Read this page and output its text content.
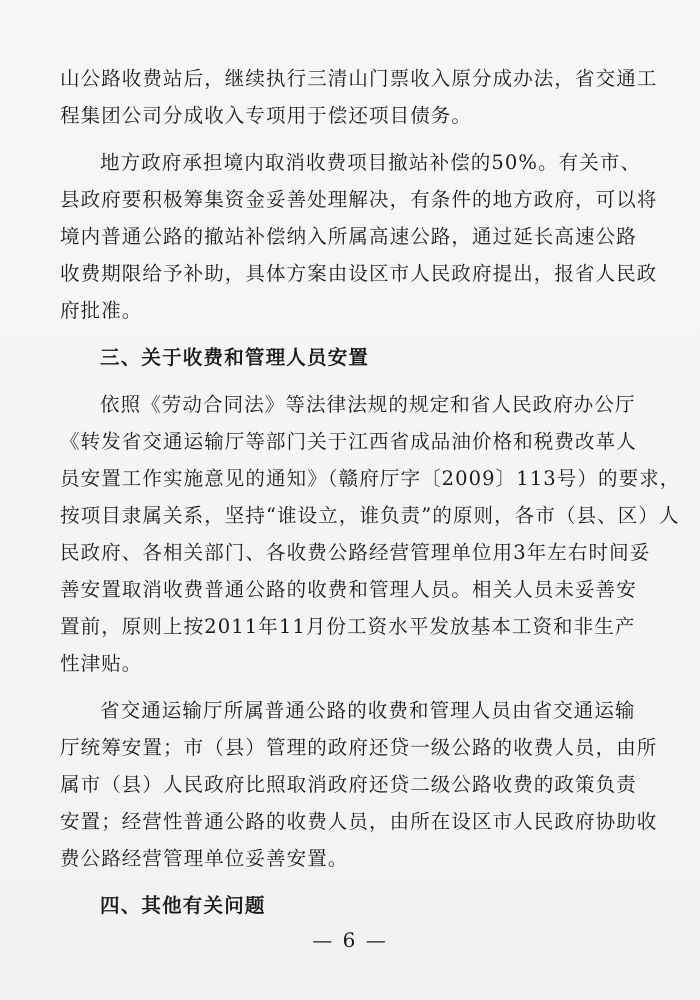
山公路收费站后，继续执行三清山门票收入原分成办法，省交通工
程集团公司分成收入专项用于偿还项目债务。
地方政府承担境内取消收费项目撤站补偿的50%。有关市、
县政府要积极筹集资金妥善处理解决，有条件的地方政府，可以将
境内普通公路的撤站补偿纳入所属高速公路，通过延长高速公路
收费期限给予补助，具体方案由设区市人民政府提出，报省人民政
府批准。
三、关于收费和管理人员安置
依照《劳动合同法》等法律法规的规定和省人民政府办公厅
《转发省交通运输厅等部门关于江西省成品油价格和税费改革人
员安置工作实施意见的通知》（赣府厅字〔2009〕113号）的要求，
按项目隶属关系，坚持“谁设立，谁负责”的原则，各市（县、区）人
民政府、各相关部门、各收费公路经营管理单位用3年左右时间妥
善安置取消收费普通公路的收费和管理人员。相关人员未妥善安
置前，原则上按2011年11月份工资水平发放基本工资和非生产
性津贴。
省交通运输厅所属普通公路的收费和管理人员由省交通运输
厅统筹安置；市（县）管理的政府还贷一级公路的收费人员，由所
属市（县）人民政府比照取消政府还贷二级公路收费的政策负责
安置；经营性普通公路的收费人员，由所在设区市人民政府协助收
费公路经营管理单位妥善安置。
四、其他有关问题
— 6 —
